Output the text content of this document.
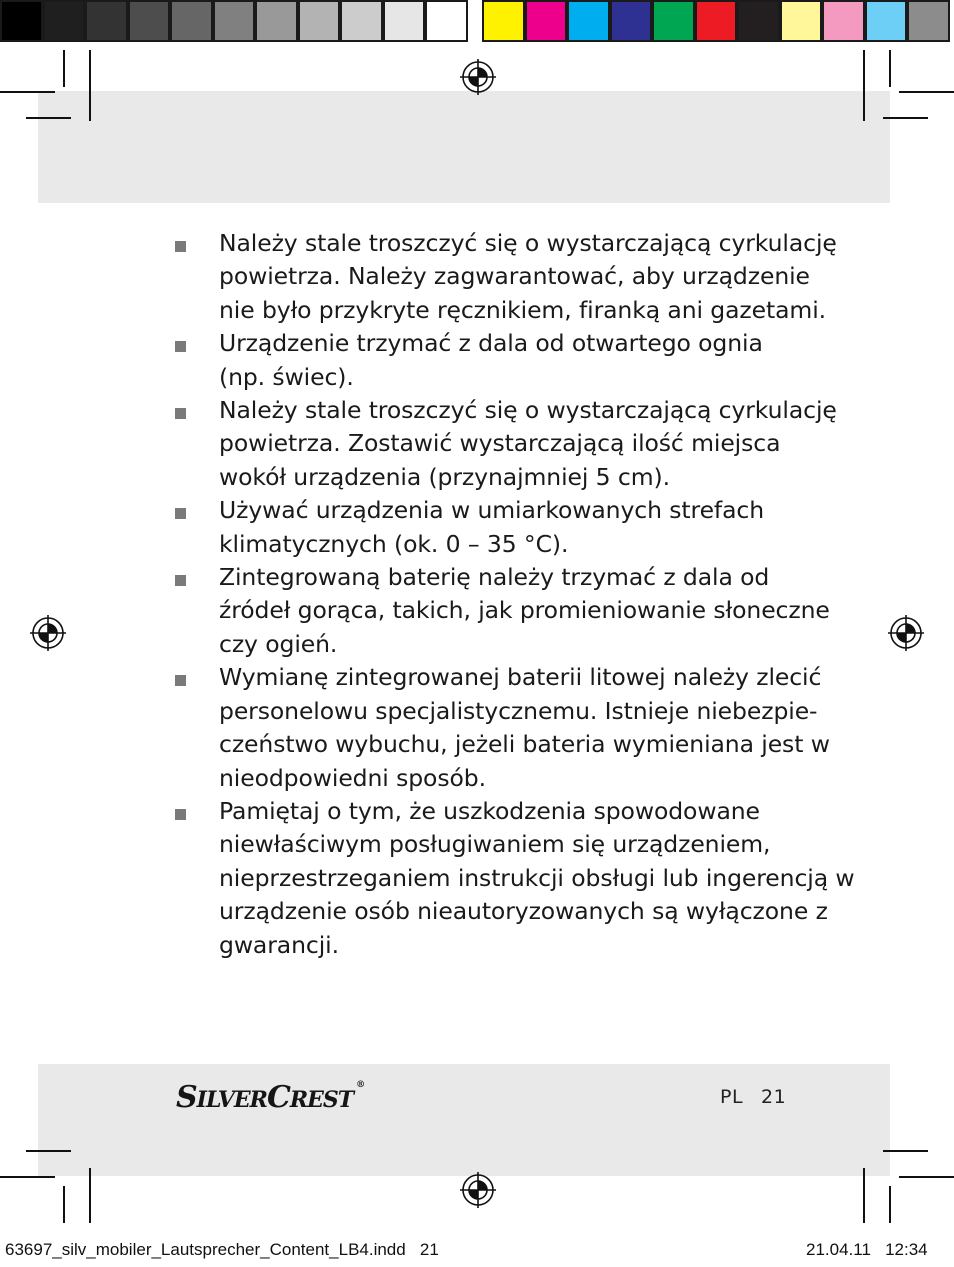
Należy stale troszczyć się o wystarczającą cyrkulację
powietrza. Należy zagwarantować, aby urządzenie
nie było przykryte ręcznikiem, firanką ani gazetami.
Urządzenie trzymać z dala od otwartego ognia
(np. świec).
Należy stale troszczyć się o wystarczającą cyrkulację
powietrza. Zostawić wystarczającą ilość miejsca
wokół urządzenia (przynajmniej 5 cm).
Używać urządzenia w umiarkowanych strefach
klimatycznych (ok. 0 – 35 °C).
Zintegrowaną baterię należy trzymać z dala od
źródeł gorąca, takich, jak promieniowanie słoneczne
czy ogień.
Wymianę zintegrowanej baterii litowej należy zlecić
personelowu specjalistycznemu. Istnieje niebezpie-
czeństwo wybuchu, jeżeli bateria wymieniana jest w
nieodpowiedni sposób.
Pamiętaj o tym, że uszkodzenia spowodowane
niewłaściwym posługiwaniem się urządzeniem,
nieprzestrzeganiem instrukcji obsługi lub ingerencją w
urządzenie osób nieautoryzowanych są wyłączone z
gwarancji.
SILVERCREST®
PL 21
63697_silv_mobiler_Lautsprecher_Content_LB4.indd   21	21.04.11   12:34
